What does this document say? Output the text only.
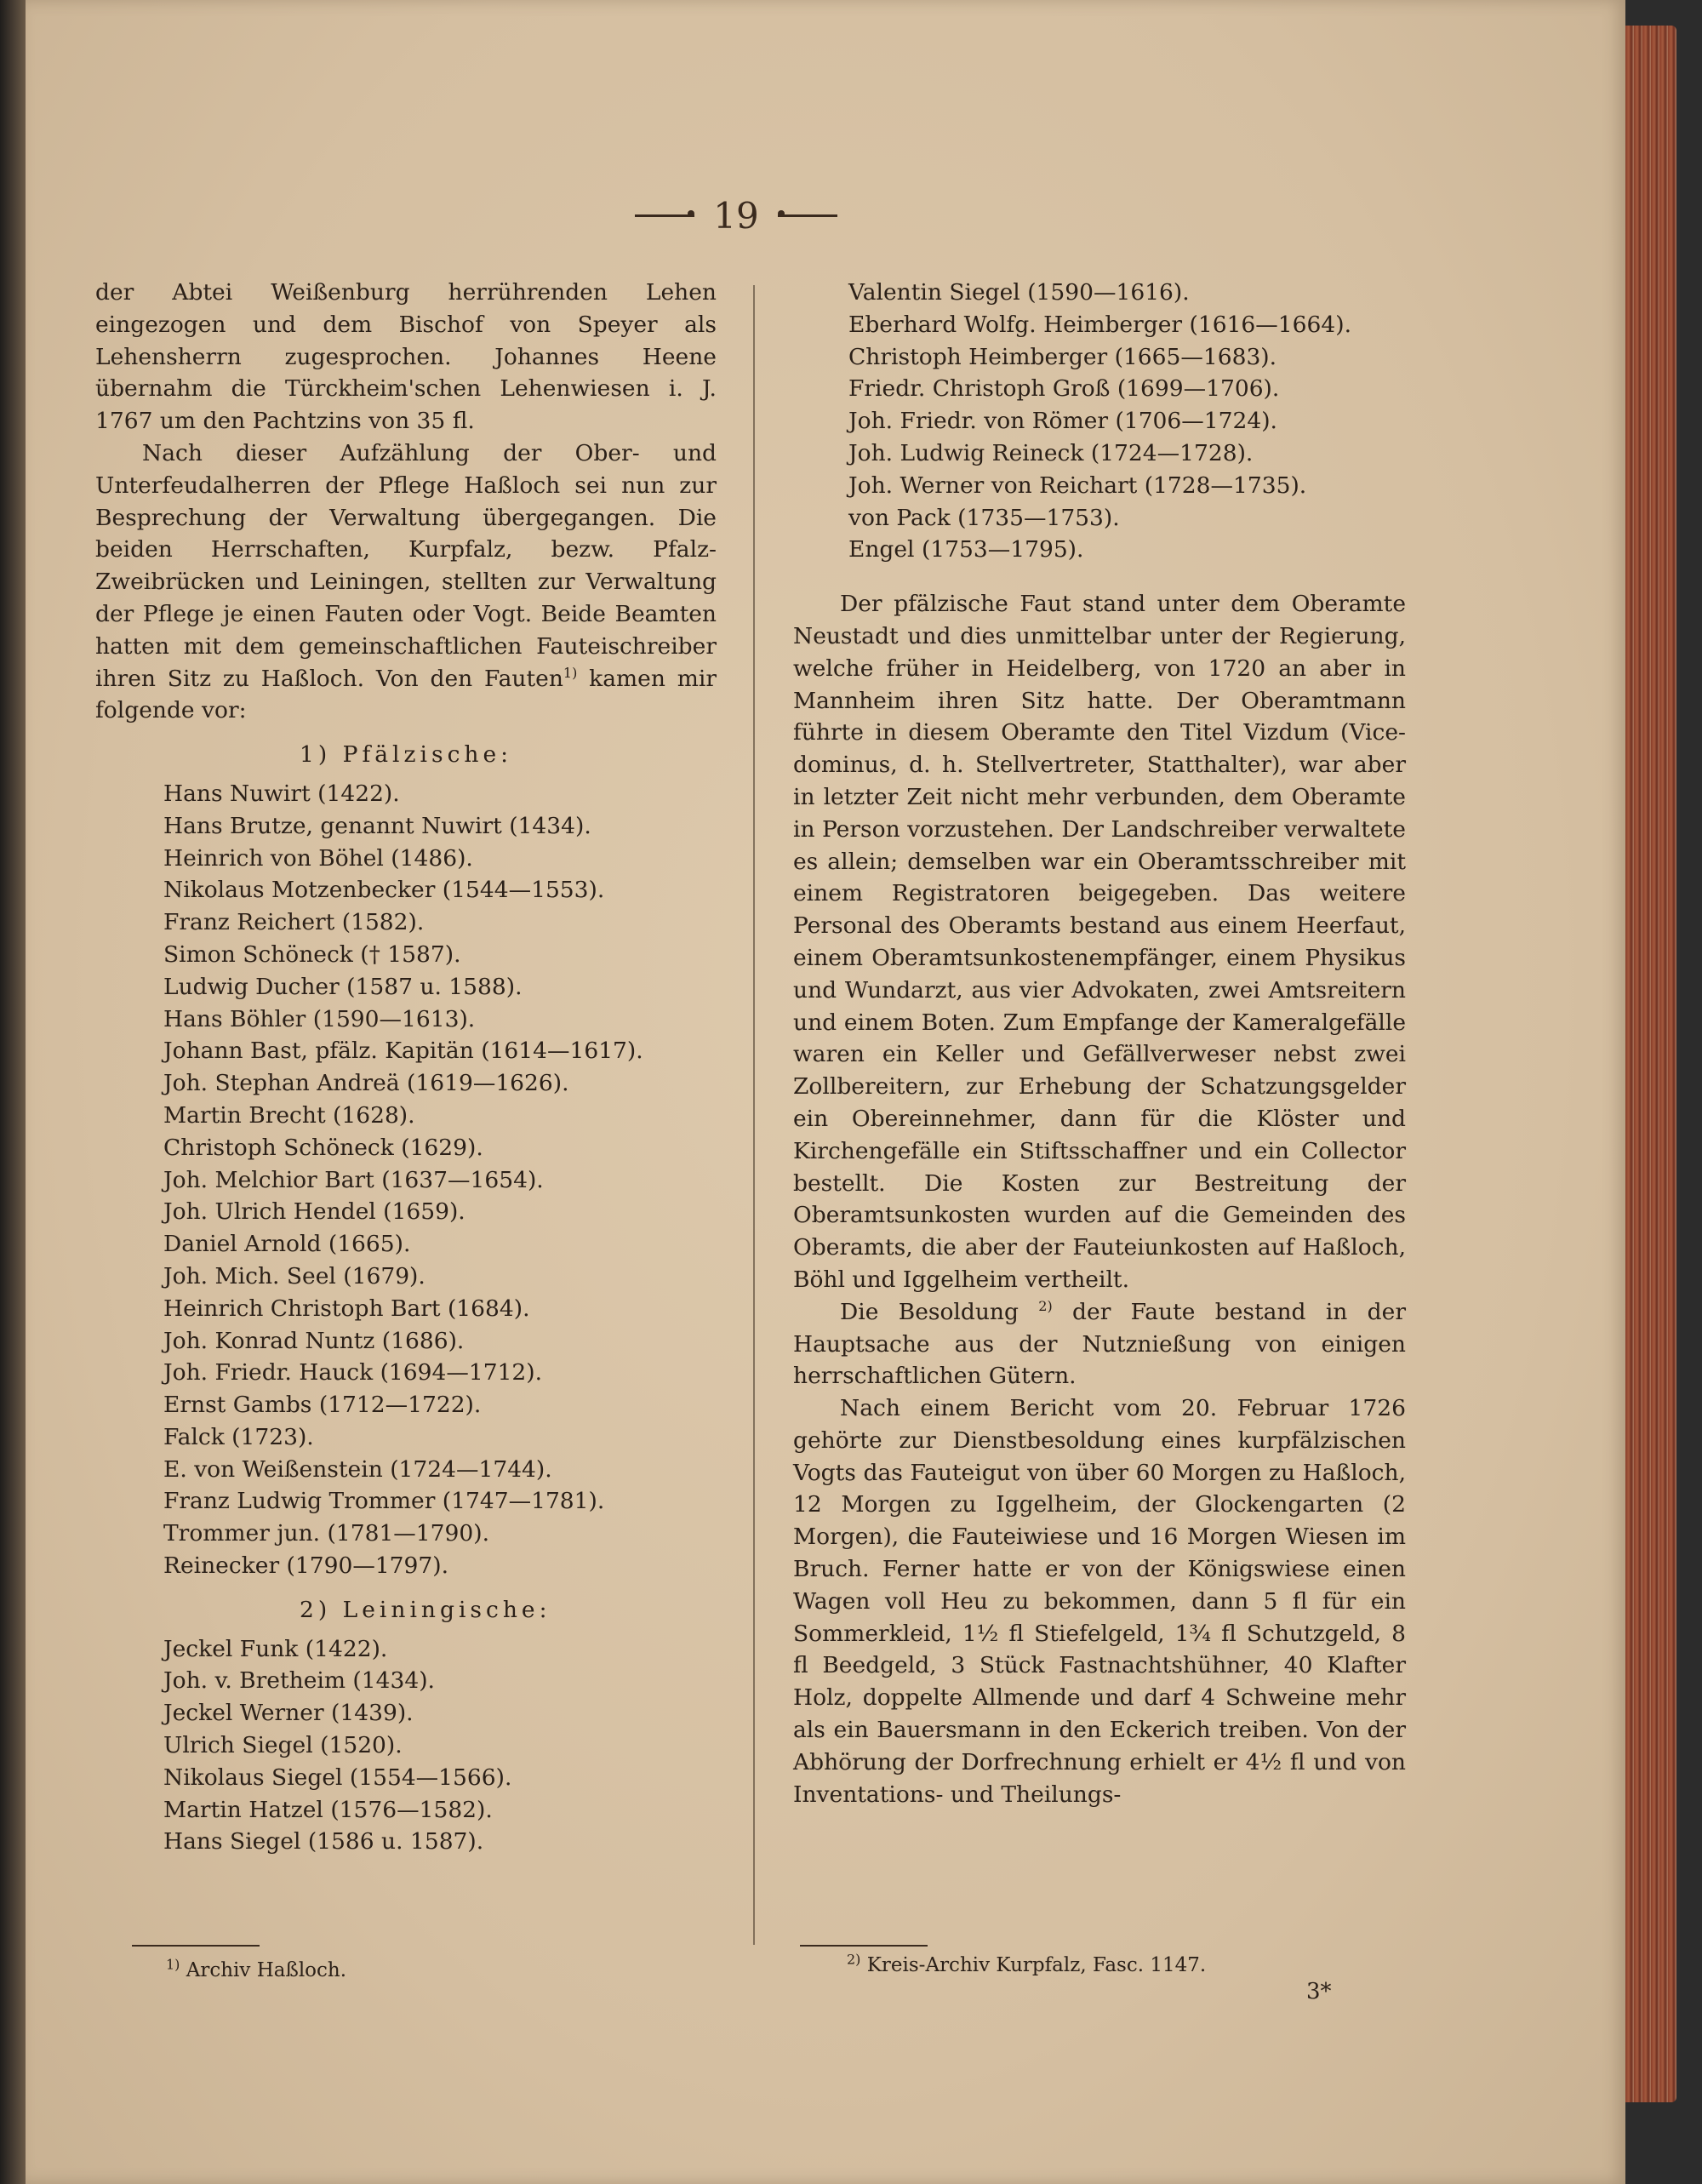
19

der Abtei Weißenburg herrührenden Lehen eingezogen und dem Bischof von Speyer als Lehensherrn zugesprochen. Johannes Heene übernahm die Türckheim'schen Lehenwiesen i. J. 1767 um den Pachtzins von 35 fl.

Nach dieser Aufzählung der Ober- und Unterfeudalherren der Pflege Haßloch sei nun zur Besprechung der Verwaltung übergegangen. Die beiden Herrschaften, Kurpfalz, bezw. Pfalz-Zweibrücken und Leiningen, stellten zur Verwaltung der Pflege je einen Fauten oder Vogt. Beide Beamten hatten mit dem gemeinschaftlichen Fauteischreiber ihren Sitz zu Haßloch. Von den Fauten$^{1)}$ kamen mir folgende vor:

1) Pfälzische:

Hans Nuwirt (1422).

Hans Brutze, genannt Nuwirt (1434).

Heinrich von Böhel (1486).

Nikolaus Motzenbecker (1544—1553).

Franz Reichert (1582).

Simon Schöneck († 1587).

Ludwig Ducher (1587 u. 1588).

Hans Böhler (1590—1613).

Johann Bast, pfälz. Kapitän (1614—1617).

Joh. Stephan Andreä (1619—1626).

Martin Brecht (1628).

Christoph Schöneck (1629).

Joh. Melchior Bart (1637—1654).

Joh. Ulrich Hendel (1659).

Daniel Arnold (1665).

Joh. Mich. Seel (1679).

Heinrich Christoph Bart (1684).

Joh. Konrad Nuntz (1686).

Joh. Friedr. Hauck (1694—1712).

Ernst Gambs (1712—1722).

Falck (1723).

E. von Weißenstein (1724—1744).

Franz Ludwig Trommer (1747—1781).

Trommer jun. (1781—1790).

Reinecker (1790—1797).

2) Leiningische:

Jeckel Funk (1422).

Joh. v. Bretheim (1434).

Jeckel Werner (1439).

Ulrich Siegel (1520).

Nikolaus Siegel (1554—1566).

Martin Hatzel (1576—1582).

Hans Siegel (1586 u. 1587).

Valentin Siegel (1590—1616).

Eberhard Wolfg. Heimberger (1616—1664).

Christoph Heimberger (1665—1683).

Friedr. Christoph Groß (1699—1706).

Joh. Friedr. von Römer (1706—1724).

Joh. Ludwig Reineck (1724—1728).

Joh. Werner von Reichart (1728—1735).

von Pack (1735—1753).

Engel (1753—1795).

Der pfälzische Faut stand unter dem Oberamte Neustadt und dies unmittelbar unter der Regierung, welche früher in Heidelberg, von 1720 an aber in Mannheim ihren Sitz hatte. Der Oberamtmann führte in diesem Oberamte den Titel Vizdum (Vice-dominus, d. h. Stellvertreter, Statthalter), war aber in letzter Zeit nicht mehr verbunden, dem Oberamte in Person vorzustehen. Der Landschreiber verwaltete es allein; demselben war ein Oberamtsschreiber mit einem Registratoren beigegeben. Das weitere Personal des Oberamts bestand aus einem Heerfaut, einem Oberamtsunkostenempfänger, einem Physikus und Wundarzt, aus vier Advokaten, zwei Amtsreitern und einem Boten. Zum Empfange der Kameralgefälle waren ein Keller und Gefällverweser nebst zwei Zollbereitern, zur Erhebung der Schatzungsgelder ein Obereinnehmer, dann für die Klöster und Kirchengefälle ein Stiftsschaffner und ein Collector bestellt. Die Kosten zur Bestreitung der Oberamtsunkosten wurden auf die Gemeinden des Oberamts, die aber der Fauteiunkosten auf Haßloch, Böhl und Iggelheim vertheilt.

Die Besoldung $^{2)}$ der Faute bestand in der Hauptsache aus der Nutznießung von einigen herrschaftlichen Gütern.

Nach einem Bericht vom 20. Februar 1726 gehörte zur Dienstbesoldung eines kurpfälzischen Vogts das Fauteigut von über 60 Morgen zu Haßloch, 12 Morgen zu Iggelheim, der Glockengarten (2 Morgen), die Fauteiwiese und 16 Morgen Wiesen im Bruch. Ferner hatte er von der Königswiese einen Wagen voll Heu zu bekommen, dann 5 fl für ein Sommerkleid, 1½ fl Stiefelgeld, 1¾ fl Schutzgeld, 8 fl Beedgeld, 3 Stück Fastnachtshühner, 40 Klafter Holz, doppelte Allmende und darf 4 Schweine mehr als ein Bauersmann in den Eckerich treiben. Von der Abhörung der Dorfrechnung erhielt er 4½ fl und von Inventations- und Theilungs-

$^{1)}$ Archiv Haßloch.
$^{2)}$ Kreis-Archiv Kurpfalz, Fasc. 1147.
3*
